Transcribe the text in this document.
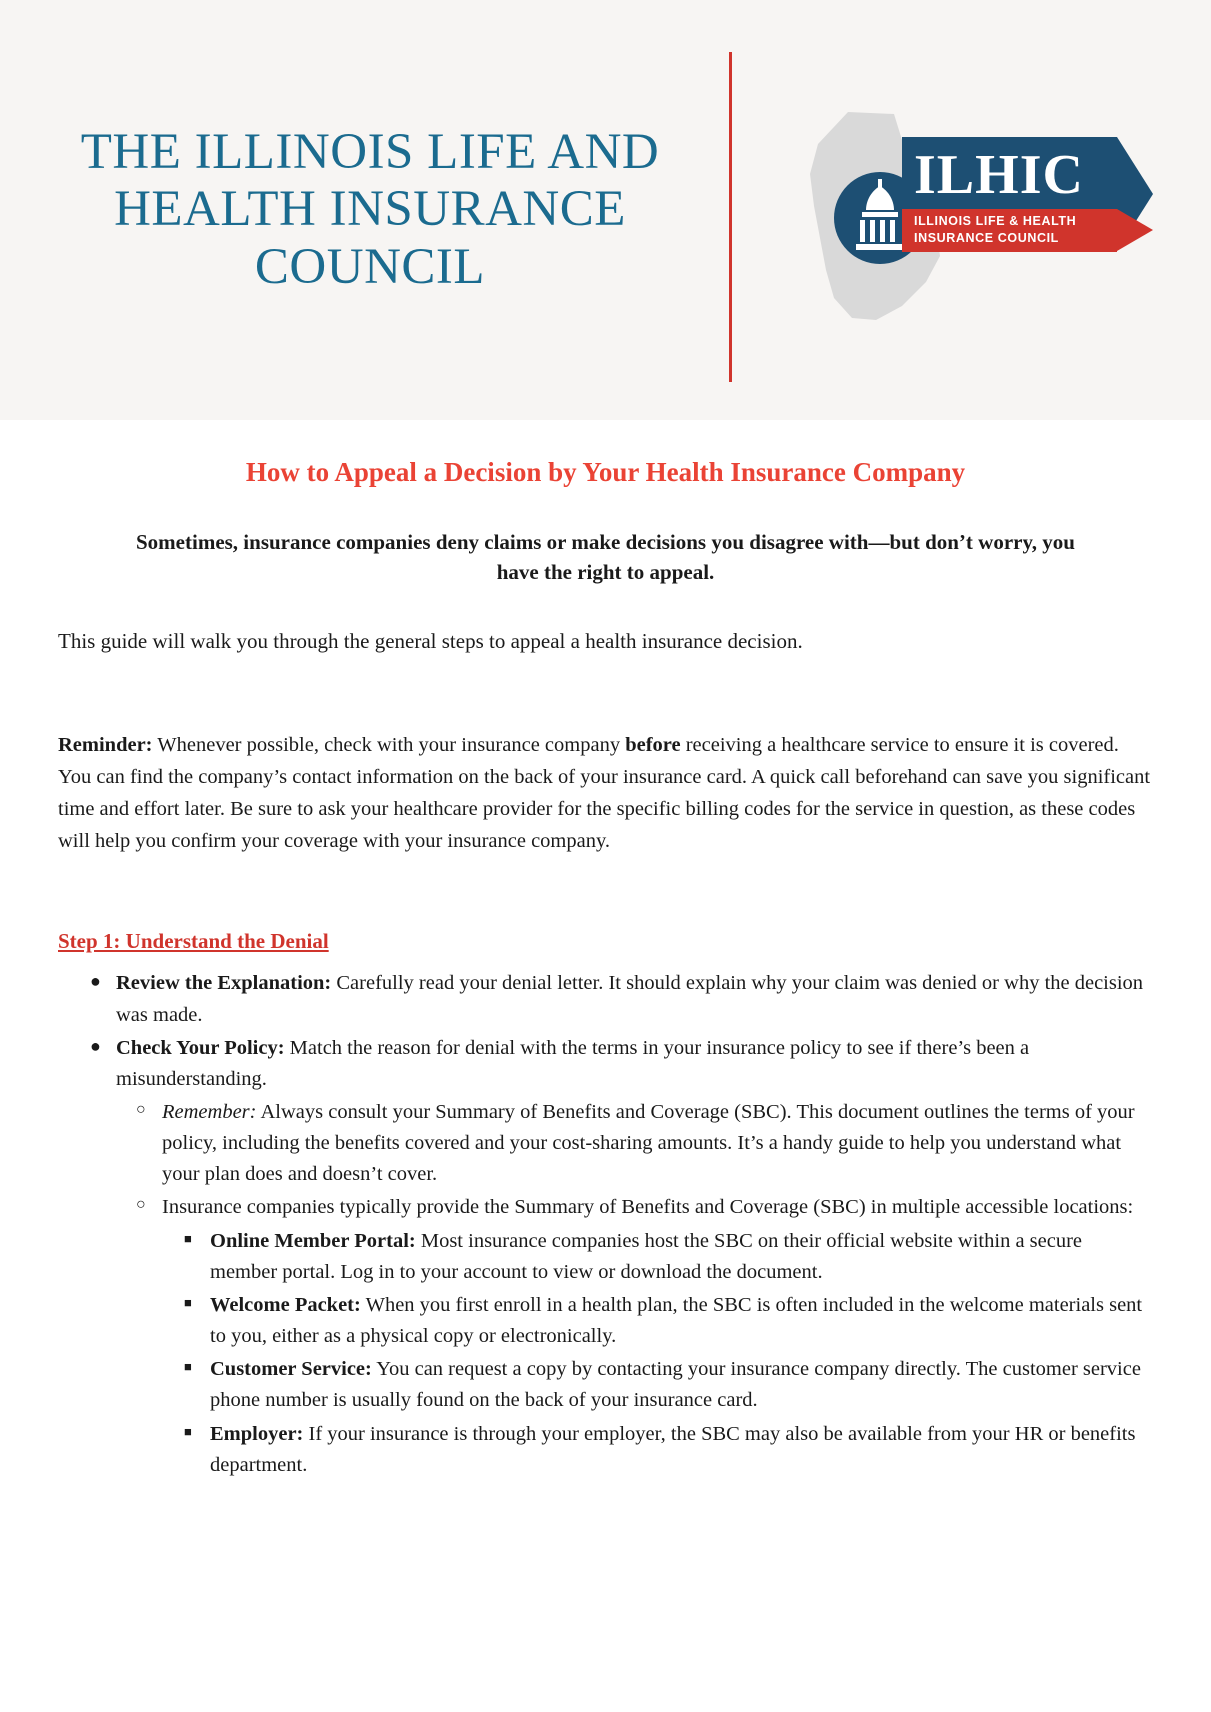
THE ILLINOIS LIFE AND HEALTH INSURANCE COUNCIL
ILHIC
ILLINOIS LIFE & HEALTH
INSURANCE COUNCIL
How to Appeal a Decision by Your Health Insurance Company

Sometimes, insurance companies deny claims or make decisions you disagree with—but don’t worry, you have the right to appeal.

This guide will walk you through the general steps to appeal a health insurance decision.

Reminder: Whenever possible, check with your insurance company before receiving a healthcare service to ensure it is covered. You can find the company’s contact information on the back of your insurance card. A quick call beforehand can save you significant time and effort later. Be sure to ask your healthcare provider for the specific billing codes for the service in question, as these codes will help you confirm your coverage with your insurance company.

Step 1: Understand the Denial
● Review the Explanation: Carefully read your denial letter. It should explain why your claim was denied or why the decision was made.
● Check Your Policy: Match the reason for denial with the terms in your insurance policy to see if there’s been a misunderstanding.
○ Remember: Always consult your Summary of Benefits and Coverage (SBC). This document outlines the terms of your policy, including the benefits covered and your cost-sharing amounts. It’s a handy guide to help you understand what your plan does and doesn’t cover.
○ Insurance companies typically provide the Summary of Benefits and Coverage (SBC) in multiple accessible locations:
■ Online Member Portal: Most insurance companies host the SBC on their official website within a secure member portal. Log in to your account to view or download the document.
■ Welcome Packet: When you first enroll in a health plan, the SBC is often included in the welcome materials sent to you, either as a physical copy or electronically.
■ Customer Service: You can request a copy by contacting your insurance company directly. The customer service phone number is usually found on the back of your insurance card.
■ Employer: If your insurance is through your employer, the SBC may also be available from your HR or benefits department.
